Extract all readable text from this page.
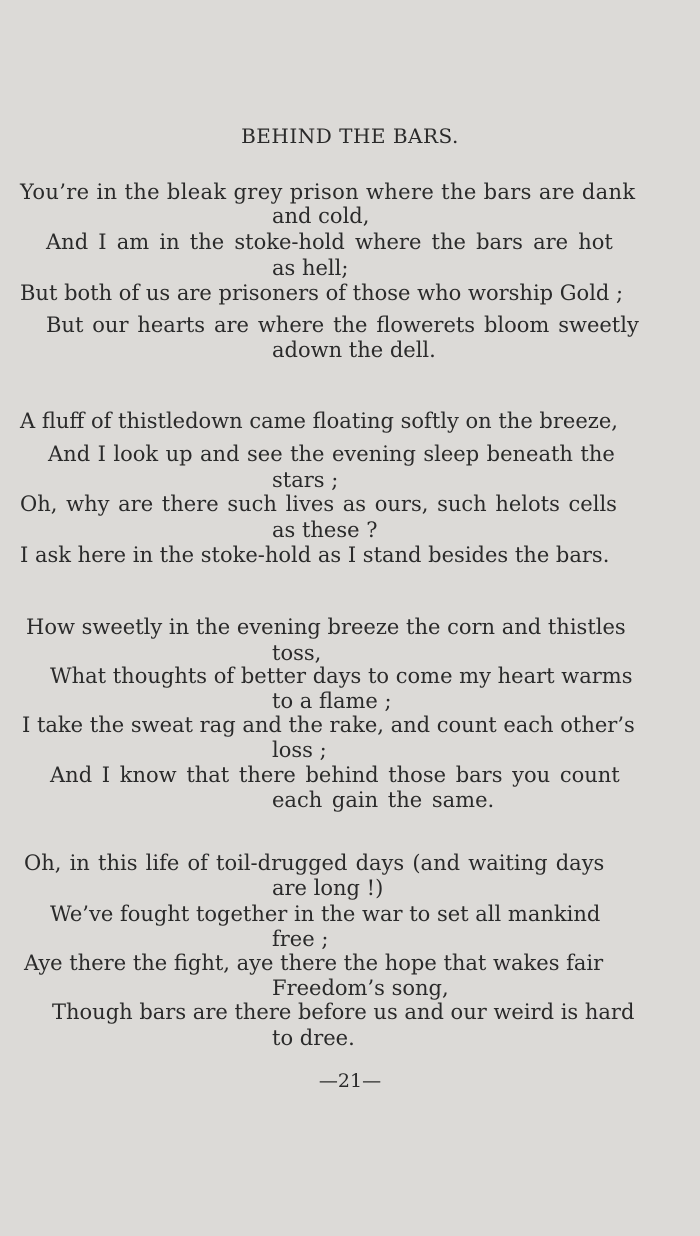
BEHIND THE BARS.
You’re in the bleak grey prison where the bars are dank
and cold,
And I am in the stoke-hold where the bars are hot
as hell;
But both of us are prisoners of those who worship Gold ;
But our hearts are where the flowerets bloom sweetly
adown the dell.
A fluff of thistledown came floating softly on the breeze,
And I look up and see the evening sleep beneath the
stars ;
Oh, why are there such lives as ours, such helots cells
as these ?
I ask here in the stoke-hold as I stand besides the bars.
How sweetly in the evening breeze the corn and thistles
toss,
What thoughts of better days to come my heart warms
to a flame ;
I take the sweat rag and the rake, and count each other’s
loss ;
And I know that there behind those bars you count
each gain the same.
Oh, in this life of toil-drugged days (and waiting days
are long !)
We’ve fought together in the war to set all mankind
free ;
Aye there the fight, aye there the hope that wakes fair
Freedom’s song,
Though bars are there before us and our weird is hard
to dree.
—21—
